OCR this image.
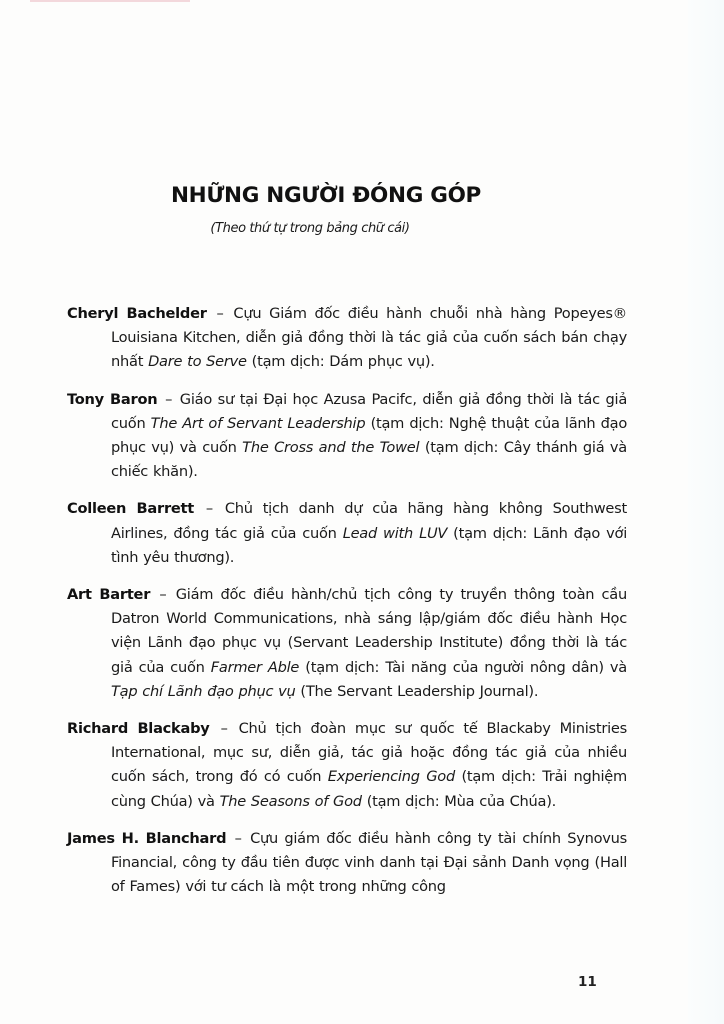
NHỮNG NGƯỜI ĐÓNG GÓP
(Theo thứ tự trong bảng chữ cái)

Cheryl Bachelder – Cựu Giám đốc điều hành chuỗi nhà hàng Popeyes® Louisiana Kitchen, diễn giả đồng thời là tác giả của cuốn sách bán chạy nhất Dare to Serve (tạm dịch: Dám phục vụ).

Tony Baron – Giáo sư tại Đại học Azusa Pacifc, diễn giả đồng thời là tác giả cuốn The Art of Servant Leadership (tạm dịch: Nghệ thuật của lãnh đạo phục vụ) và cuốn The Cross and the Towel (tạm dịch: Cây thánh giá và chiếc khăn).

Colleen Barrett – Chủ tịch danh dự của hãng hàng không Southwest Airlines, đồng tác giả của cuốn Lead with LUV (tạm dịch: Lãnh đạo với tình yêu thương).

Art Barter – Giám đốc điều hành/chủ tịch công ty truyền thông toàn cầu Datron World Communications, nhà sáng lập/giám đốc điều hành Học viện Lãnh đạo phục vụ (Servant Leadership Institute) đồng thời là tác giả của cuốn Farmer Able (tạm dịch: Tài năng của người nông dân) và Tạp chí Lãnh đạo phục vụ (The Servant Leadership Journal).

Richard Blackaby – Chủ tịch đoàn mục sư quốc tế Blackaby Ministries International, mục sư, diễn giả, tác giả hoặc đồng tác giả của nhiều cuốn sách, trong đó có cuốn Experiencing God (tạm dịch: Trải nghiệm cùng Chúa) và The Seasons of God (tạm dịch: Mùa của Chúa).

James H. Blanchard – Cựu giám đốc điều hành công ty tài chính Synovus Financial, công ty đầu tiên được vinh danh tại Đại sảnh Danh vọng (Hall of Fames) với tư cách là một trong những công

11
